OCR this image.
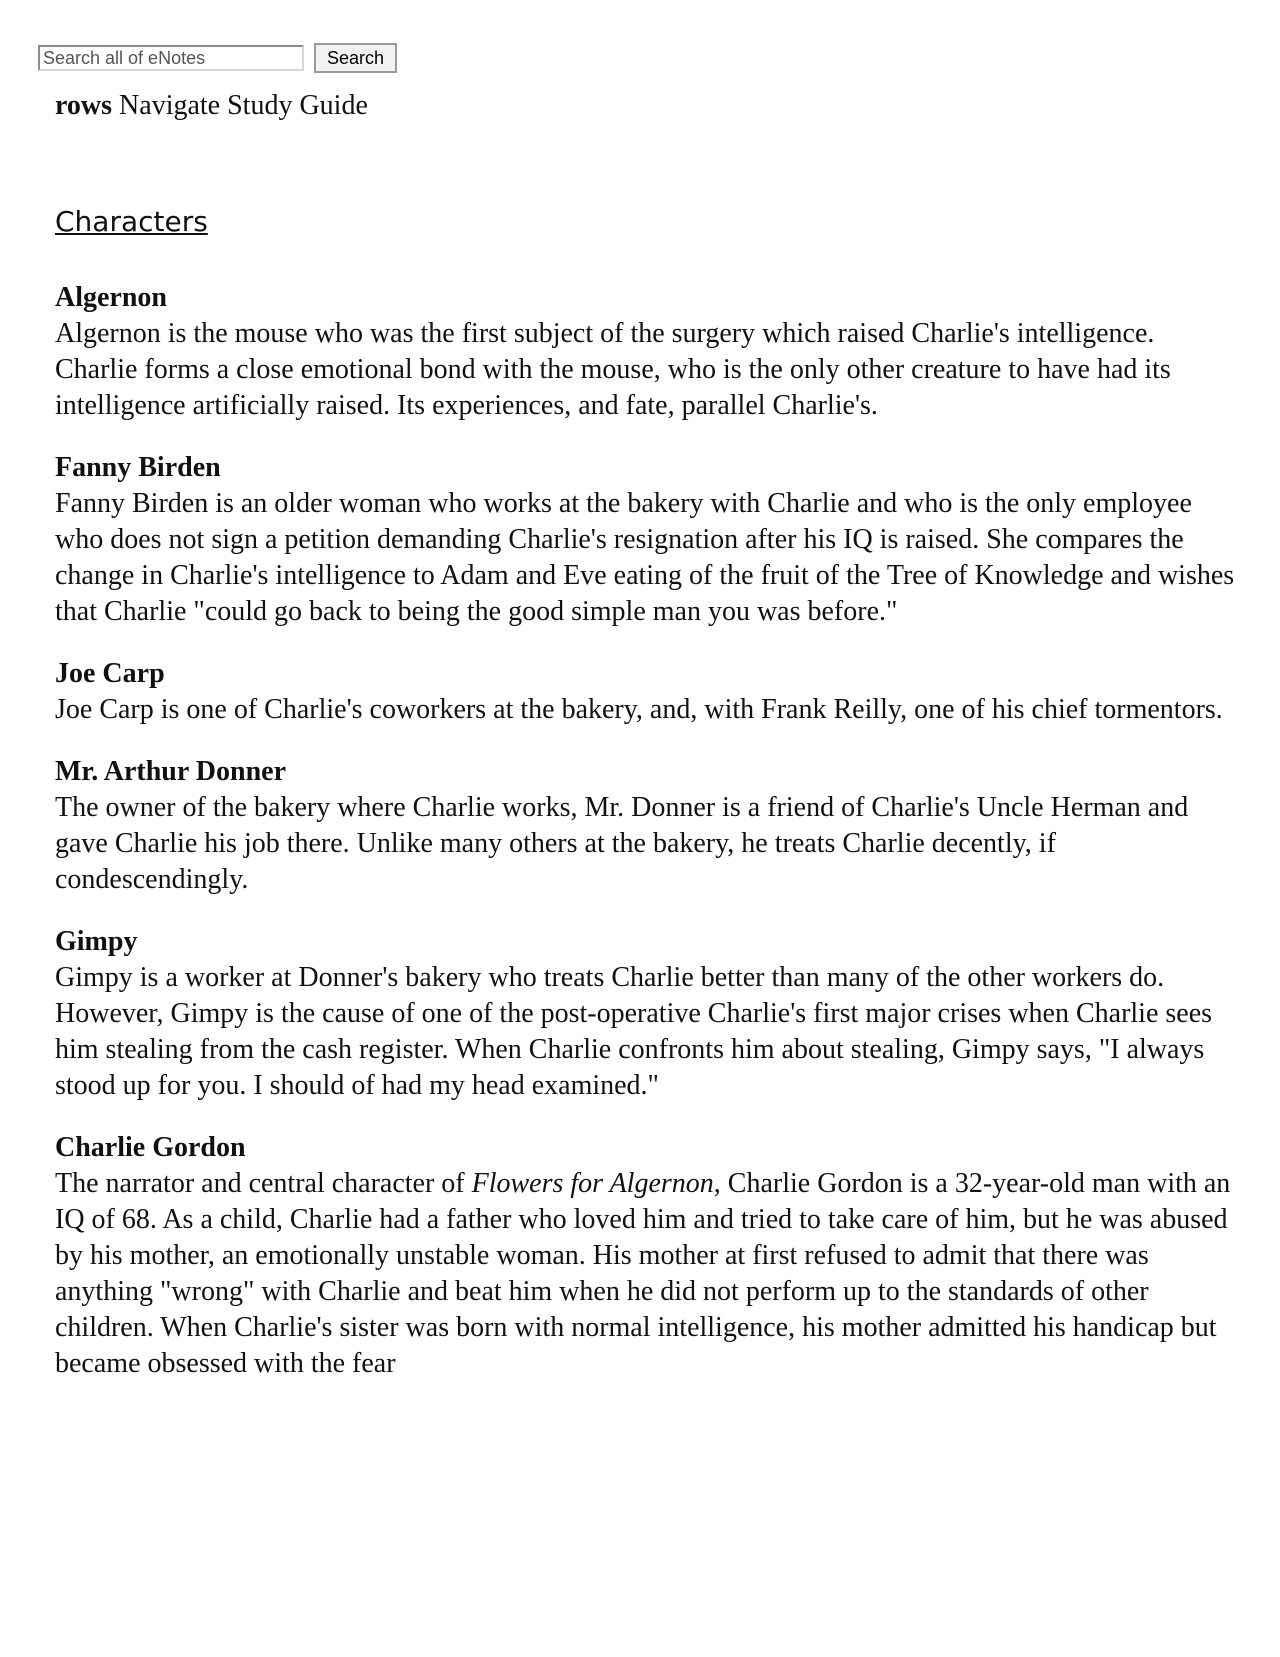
Search all of eNotes
Search

rows Navigate Study Guide

Characters

Algernon

Algernon is the mouse who was the first subject of the surgery which raised Charlie's intelligence. Charlie forms a close emotional bond with the mouse, who is the only other creature to have had its intelligence artificially raised. Its experiences, and fate, parallel Charlie's.

Fanny Birden

Fanny Birden is an older woman who works at the bakery with Charlie and who is the only employee who does not sign a petition demanding Charlie's resignation after his IQ is raised. She compares the change in Charlie's intelligence to Adam and Eve eating of the fruit of the Tree of Knowledge and wishes that Charlie "could go back to being the good simple man you was before."

Joe Carp

Joe Carp is one of Charlie's coworkers at the bakery, and, with Frank Reilly, one of his chief tormentors.

Mr. Arthur Donner

The owner of the bakery where Charlie works, Mr. Donner is a friend of Charlie's Uncle Herman and gave Charlie his job there. Unlike many others at the bakery, he treats Charlie decently, if condescendingly.

Gimpy

Gimpy is a worker at Donner's bakery who treats Charlie better than many of the other workers do. However, Gimpy is the cause of one of the post-operative Charlie's first major crises when Charlie sees him stealing from the cash register. When Charlie confronts him about stealing, Gimpy says, "I always stood up for you. I should of had my head examined."

Charlie Gordon

The narrator and central character of Flowers for Algernon, Charlie Gordon is a 32-year-old man with an IQ of 68. As a child, Charlie had a father who loved him and tried to take care of him, but he was abused by his mother, an emotionally unstable woman. His mother at first refused to admit that there was anything "wrong" with Charlie and beat him when he did not perform up to the standards of other children. When Charlie's sister was born with normal intelligence, his mother admitted his handicap but became obsessed with the fear
